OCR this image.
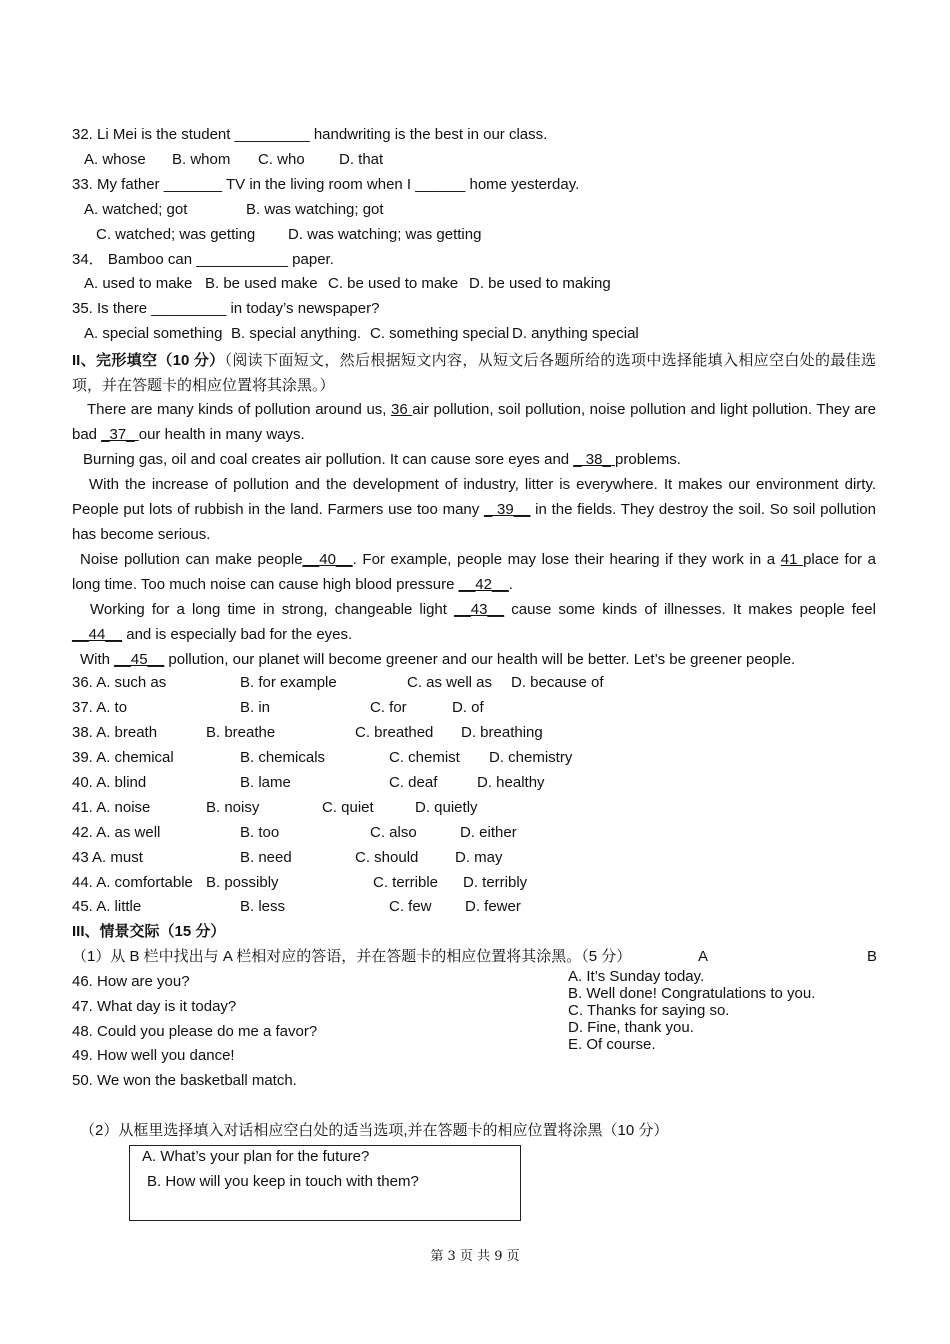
32. Li Mei is the student _________ handwriting is the best in our class.
A. whose B. whom C. who D. that
33. My father _______ TV in the living room when I ______ home yesterday.
A. watched; got	B. was watching; got
C. watched; was getting D. was watching; was getting
34． Bamboo can ___________ paper.
A. used to make B. be used make C. be used to make D. be used to making
35. Is there _________ in today’s newspaper?
A. special something B. special anything. C. something special D. anything special
II、完形填空（10 分）（阅读下面短文，然后根据短文内容，从短文后各题所给的选项中选择能填入相应空白处的最佳选项，并在答题卡的相应位置将其涂黑。）
There are many kinds of pollution around us, 36 air pollution, soil pollution, noise pollution and light pollution. They are bad _37_ our health in many ways.
Burning gas, oil and coal creates air pollution. It can cause sore eyes and _ 38_ problems.
With the increase of pollution and the development of industry, litter is everywhere. It makes our environment dirty. People put lots of rubbish in the land. Farmers use too many _ 39__ in the fields. They destroy the soil. So soil pollution has become serious.
Noise pollution can make people__40__. For example, people may lose their hearing if they work in a 41 place for a long time. Too much noise can cause high blood pressure __42__.
Working for a long time in strong, changeable light __43__ cause some kinds of illnesses. It makes people feel __44__ and is especially bad for the eyes.
With __45__ pollution, our planet will become greener and our health will be better. Let’s be greener people.
36. A. such as	B. for example	C. as well as D. because of
37. A. to	B. in	C. for	D. of
38. A. breath	B. breathe	C. breathed D. breathing
39. A. chemical	B. chemicals	C. chemist D. chemistry
40. A. blind	B. lame	C. deaf	D. healthy
41. A. noise	B. noisy	C. quiet	D. quietly
42. A. as well	B. too	C. also	D. either
43 A. must	B. need	C. should D. may
44. A. comfortable B. possibly	C. terrible D. terribly
45. A. little	B. less	C. few D. fewer
III、情景交际（15 分）
（1）从 B 栏中找出与 A 栏相对应的答语，并在答题卡的相应位置将其涂黑。（5 分）	A	B
46. How are you?
47. What day is it today?
48. Could you please do me a favor?
49. How well you dance!
50. We won the basketball match.
A. It’s Sunday today.
B. Well done! Congratulations to you.
C. Thanks for saying so.
D. Fine, thank you.
E. Of course.
（2）从框里选择填入对话相应空白处的适当选项,并在答题卡的相应位置将涂黑（10 分）
A. What’s your plan for the future?
B. How will you keep in touch with them?
第 3 页 共 9 页
